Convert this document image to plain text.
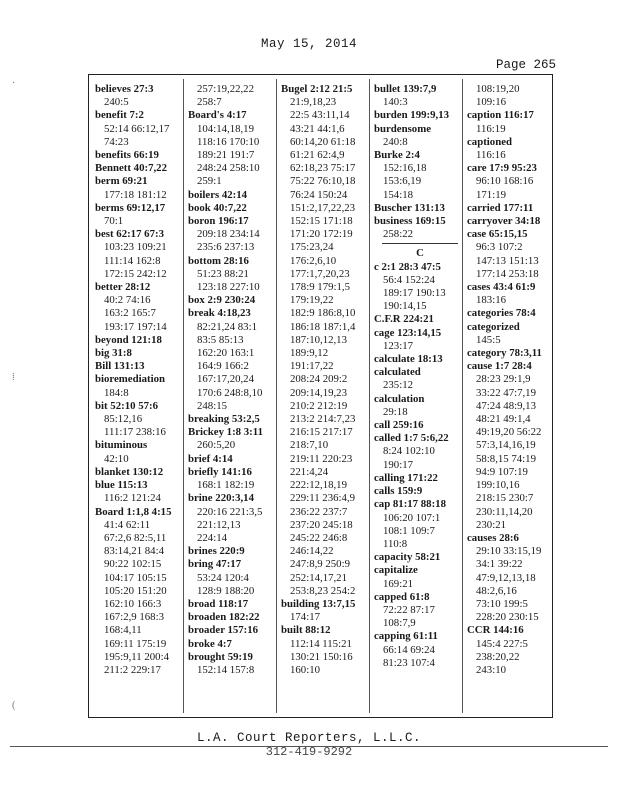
May 15, 2014
Page 265
·
⁞
(
believes 27:3
240:5
benefit 7:2
52:14 66:12,17
74:23
benefits 66:19
Bennett 40:7,22
berm 69:21
177:18 181:12
berms 69:12,17
70:1
best 62:17 67:3
103:23 109:21
111:14 162:8
172:15 242:12
better 28:12
40:2 74:16
163:2 165:7
193:17 197:14
beyond 121:18
big 31:8
Bill 131:13
bioremediation
184:8
bit 52:10 57:6
85:12,16
111:17 238:16
bituminous
42:10
blanket 130:12
blue 115:13
116:2 121:24
Board 1:1,8 4:15
41:4 62:11
67:2,6 82:5,11
83:14,21 84:4
90:22 102:15
104:17 105:15
105:20 151:20
162:10 166:3
167:2,9 168:3
168:4,11
169:11 175:19
195:9,11 200:4
211:2 229:17
257:19,22,22
258:7
Board's 4:17
104:14,18,19
118:16 170:10
189:21 191:7
248:24 258:10
259:1
boilers 42:14
book 40:7,22
boron 196:17
209:18 234:14
235:6 237:13
bottom 28:16
51:23 88:21
123:18 227:10
box 2:9 230:24
break 4:18,23
82:21,24 83:1
83:5 85:13
162:20 163:1
164:9 166:2
167:17,20,24
170:6 248:8,10
248:15
breaking 53:2,5
Brickey 1:8 3:11
260:5,20
brief 4:14
briefly 141:16
168:1 182:19
brine 220:3,14
220:16 221:3,5
221:12,13
224:14
brines 220:9
bring 47:17
53:24 120:4
128:9 188:20
broad 118:17
broaden 182:22
broader 157:16
broke 4:7
brought 59:19
152:14 157:8
Bugel 2:12 21:5
21:9,18,23
22:5 43:11,14
43:21 44:1,6
60:14,20 61:18
61:21 62:4,9
62:18,23 75:17
75:22 76:10,18
76:24 150:24
151:2,17,22,23
152:15 171:18
171:20 172:19
175:23,24
176:2,6,10
177:1,7,20,23
178:9 179:1,5
179:19,22
182:9 186:8,10
186:18 187:1,4
187:10,12,13
189:9,12
191:17,22
208:24 209:2
209:14,19,23
210:2 212:19
213:2 214:7,23
216:15 217:17
218:7,10
219:11 220:23
221:4,24
222:12,18,19
229:11 236:4,9
236:22 237:7
237:20 245:18
245:22 246:8
246:14,22
247:8,9 250:9
252:14,17,21
253:8,23 254:2
building 13:7,15
174:17
built 88:12
112:14 115:21
130:21 150:16
160:10
bullet 139:7,9
140:3
burden 199:9,13
burdensome
240:8
Burke 2:4
152:16,18
153:6,19
154:18
Buscher 131:13
business 169:15
258:22
C
c 2:1 28:3 47:5
56:4 152:24
189:17 190:13
190:14,15
C.F.R 224:21
cage 123:14,15
123:17
calculate 18:13
calculated
235:12
calculation
29:18
call 259:16
called 1:7 5:6,22
8:24 102:10
190:17
calling 171:22
calls 159:9
cap 81:17 88:18
106:20 107:1
108:1 109:7
110:8
capacity 58:21
capitalize
169:21
capped 61:8
72:22 87:17
108:7,9
capping 61:11
66:14 69:24
81:23 107:4
108:19,20
109:16
caption 116:17
116:19
captioned
116:16
care 17:9 95:23
96:10 168:16
171:19
carried 177:11
carryover 34:18
case 65:15,15
96:3 107:2
147:13 151:13
177:14 253:18
cases 43:4 61:9
183:16
categories 78:4
categorized
145:5
category 78:3,11
cause 1:7 28:4
28:23 29:1,9
33:22 47:7,19
47:24 48:9,13
48:21 49:1,4
49:19,20 56:22
57:3,14,16,19
58:8,15 74:19
94:9 107:19
199:10,16
218:15 230:7
230:11,14,20
230:21
causes 28:6
29:10 33:15,19
34:1 39:22
47:9,12,13,18
48:2,6,16
73:10 199:5
228:20 230:15
CCR 144:16
145:4 227:5
238:20,22
243:10
L.A. Court Reporters, L.L.C.
312-419-9292
